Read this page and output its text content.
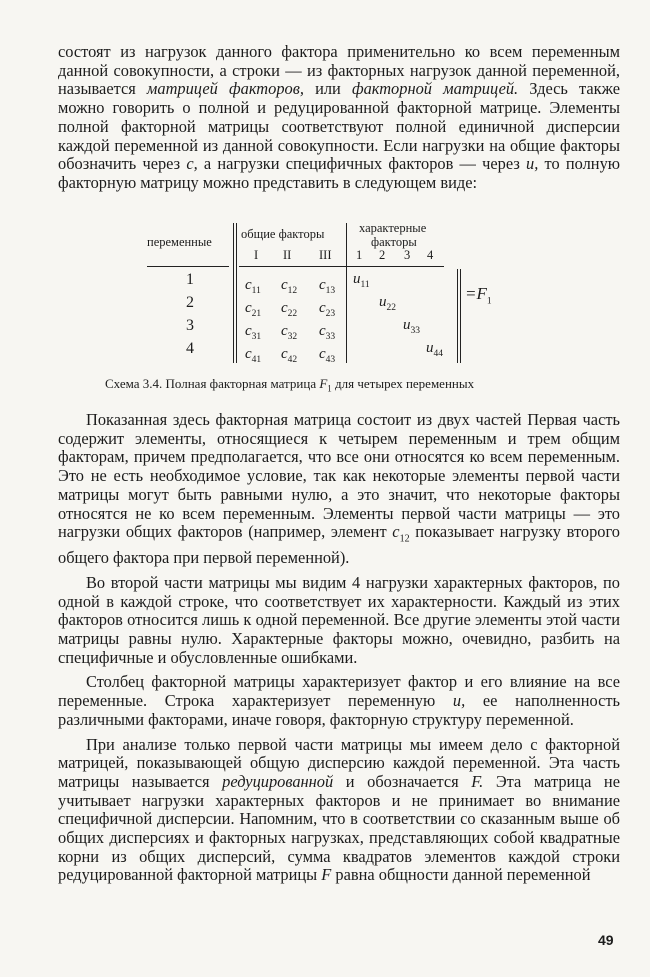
состоят из нагрузок данного фактора применительно ко всем переменным данной совокупности, а строки — из факторных нагрузок данной переменной, называется матрицей факторов, или факторной матрицей. Здесь также можно говорить о полной и редуцированной факторной матрице. Элементы полной факторной матрицы соответствуют полной единичной дисперсии каждой переменной из данной совокупности. Если нагрузки на общие факторы обозначить через c, а нагрузки специфичных факторов — через u, то полную факторную матрицу можно представить в следующем виде:

переменные
общие факторы	характерные
факторы
I II III 1 2 3 4
1
2
3
4
$c_{11}$ $c_{12}$ $c_{13}$
$c_{21}$ $c_{22}$ $c_{23}$
$c_{31}$ $c_{32}$ $c_{33}$
$c_{41}$ $c_{42}$ $c_{43}$
$u_{11}$
$u_{22}$
$u_{33}$
$u_{44}$
$=F_1$
Схема 3.4. Полная факторная матрица $F_1$ для четырех переменных

Показанная здесь факторная матрица состоит из двух частей Первая часть содержит элементы, относящиеся к четырем переменным и трем общим факторам, причем предполагается, что все они относятся ко всем переменным. Это не есть необходимое условие, так как некоторые элементы первой части матрицы могут быть равными нулю, а это значит, что некоторые факторы относятся не ко всем переменным. Элементы первой части матрицы — это нагрузки общих факторов (например, элемент $c_{12}$ показывает нагрузку второго общего фактора при первой переменной).

Во второй части матрицы мы видим 4 нагрузки характерных факторов, по одной в каждой строке, что соответствует их характерности. Каждый из этих факторов относится лишь к одной переменной. Все другие элементы этой части матрицы равны нулю. Характерные факторы можно, очевидно, разбить на специфичные и обусловленные ошибками.

Столбец факторной матрицы характеризует фактор и его влияние на все переменные. Строка характеризует переменную u, ее наполненность различными факторами, иначе говоря, факторную структуру переменной.

При анализе только первой части матрицы мы имеем дело с факторной матрицей, показывающей общую дисперсию каждой переменной. Эта часть матрицы называется редуцированной и обозначается F. Эта матрица не учитывает нагрузки характерных факторов и не принимает во внимание специфичной дисперсии. Напомним, что в соответствии со сказанным выше об общих дисперсиях и факторных нагрузках, представляющих собой квадратные корни из общих дисперсий, сумма квадратов элементов каждой строки редуцированной факторной матрицы F равна общности данной переменной

49
